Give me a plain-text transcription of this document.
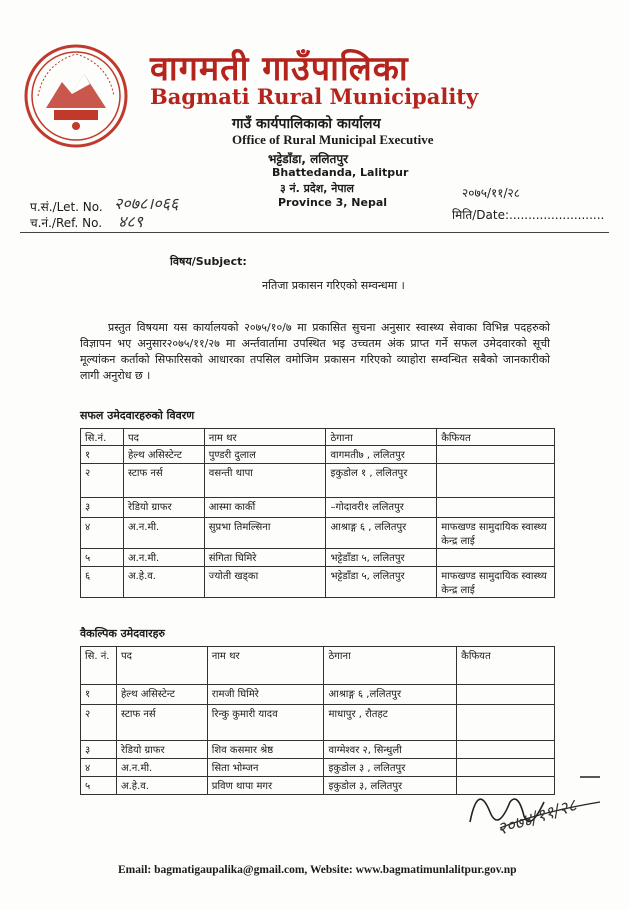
वागमती गाउँपालिका
Bagmati Rural Municipality
गाउँ कार्यपालिकाको कार्यालय
Office of Rural Municipal Executive
भट्टेडाँडा, ललितपुर
Bhattedanda, Lalitpur
३ नं. प्रदेश, नेपाल
Province 3, Nepal
प.सं./Let. No. २०७८।०६६
च.नं./Ref. No. ४८९
२०७५/११/२८
मिति/Date:.........................
विषय/Subject:
नतिजा प्रकासन गरिएको सम्वन्धमा ।
प्रस्तुत विषयमा यस कार्यालयको २०७५/१०/७ मा प्रकासित सुचना अनुसार स्वास्थ्य सेवाका विभिन्न पदहरुको विज्ञापन भए अनुसार२०७५/११/२७ मा अर्न्तवार्तामा उपस्थित भइ उच्चतम अंक प्राप्त गर्ने सफल उमेदवारको सूची मूल्यांकन कर्ताको सिफारिसको आधारका तपसिल वमोजिम प्रकासन गरिएको व्याहोरा सम्वन्धित सबैको जानकारीको लागी अनुरोध छ ।
सफल उमेदवारहरुको विवरण
सि.नं.	पद	नाम थर	ठेगाना	कैफियत
१	हेल्थ असिस्टेन्ट	पुण्डरी दुलाल	वागमती७ , ललितपुर	
२	स्टाफ नर्स	वसन्ती थापा	इकुडोल १ , ललितपुर	
३	रेडियो ग्राफर	आस्मा कार्की	–गोदावरी१ ललितपुर	
४	अ.न.मी.	सुप्रभा तिमल्सिना	आश्राङ्ग ६ , ललितपुर	माफखण्ड सामुदायिक स्वास्थ्य केन्द्र लाई
५	अ.न.मी.	संगिता घिमिरे	भट्टेडाँडा ५, ललितपुर	
६	अ.हे.व.	ज्योती खड्का	भट्टेडाँडा ५, ललितपुर	माफखण्ड सामुदायिक स्वास्थ्य केन्द्र लाई
वैकल्पिक उमेदवारहरु
सि. नं.	पद	नाम थर	ठेगाना	कैफियत
१	हेल्थ असिस्टेन्ट	रामजी घिमिरे	आश्राङ्ग ६ ,ललितपुर	
२	स्टाफ नर्स	रिन्कु कुमारी यादव	माधापुर , रौतहट	
३	रेडियो ग्राफर	शिव कसमार श्रेष्ठ	वाग्मेश्वर २, सिन्धुली	
४	अ.न.मी.	सिता भोम्जन	इकुडोल ३ , ललितपुर	
५	अ.हे.व.	प्रविण थापा मगर	इकुडोल ३, ललितपुर	
२०७४/११/२८
Email: bagmatigaupalika@gmail.com, Website: www.bagmatimunlalitpur.gov.np
